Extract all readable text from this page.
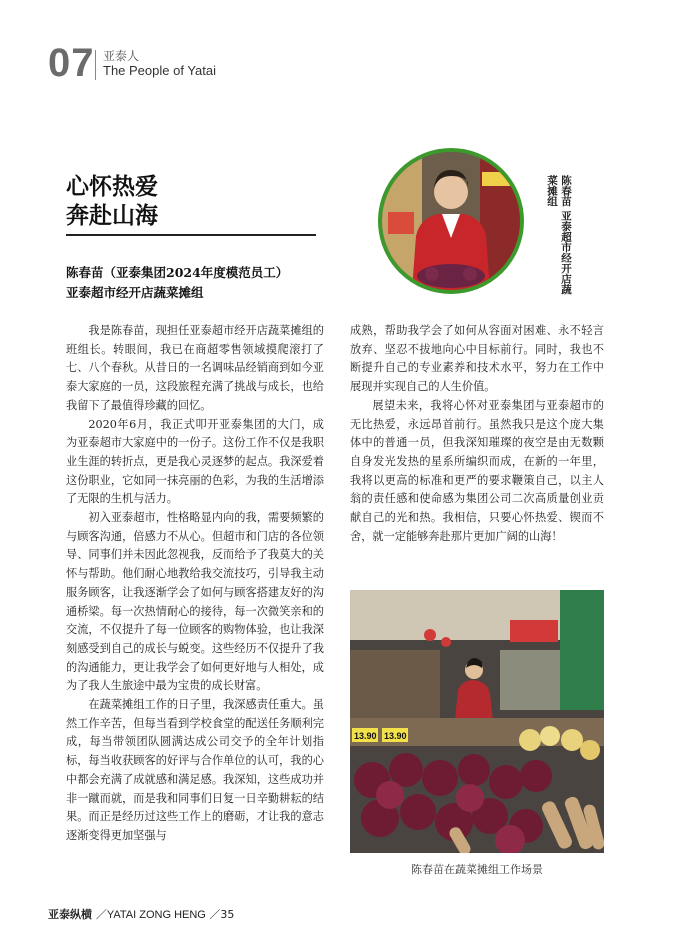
07 亚泰人
The People of Yatai
心怀热爱
奔赴山海
陈春苗（亚泰集团2024年度模范员工）
亚泰超市经开店蔬菜摊组	陈春苗 亚泰超市经开店蔬菜摊组

我是陈春苗，现担任亚泰超市经开店蔬菜摊组的班组长。转眼间，我已在商超零售领域摸爬滚打了七、八个春秋。从昔日的一名调味品经销商到如今亚泰大家庭的一员，这段旅程充满了挑战与成长，也给我留下了最值得珍藏的回忆。

2020年6月，我正式叩开亚泰集团的大门，成为亚泰超市大家庭中的一份子。这份工作不仅是我职业生涯的转折点，更是我心灵逐梦的起点。我深爱着这份职业，它如同一抹亮丽的色彩，为我的生活增添了无限的生机与活力。

初入亚泰超市，性格略显内向的我，需要频繁的与顾客沟通，倍感力不从心。但超市和门店的各位领导、同事们并未因此忽视我，反而给予了我莫大的关怀与帮助。他们耐心地教给我交流技巧，引导我主动服务顾客，让我逐渐学会了如何与顾客搭建友好的沟通桥梁。每一次热情耐心的接待，每一次微笑亲和的交流，不仅提升了每一位顾客的购物体验，也让我深刻感受到自己的成长与蜕变。这些经历不仅提升了我的沟通能力，更让我学会了如何更好地与人相处，成为了我人生旅途中最为宝贵的成长财富。

在蔬菜摊组工作的日子里，我深感责任重大。虽然工作辛苦，但每当看到学校食堂的配送任务顺利完成，每当带领团队圆满达成公司交予的全年计划指标，每当收获顾客的好评与合作单位的认可，我的心中都会充满了成就感和满足感。我深知，这些成功并非一蹴而就，而是我和同事们日复一日辛勤耕耘的结果。而正是经历过这些工作上的磨砺，才让我的意志逐渐变得更加坚强与

成熟，帮助我学会了如何从容面对困难、永不轻言放弃、坚忍不拔地向心中目标前行。同时，我也不断提升自己的专业素养和技术水平，努力在工作中展现并实现自己的人生价值。

展望未来，我将心怀对亚泰集团与亚泰超市的无比热爱，永远昂首前行。虽然我只是这个庞大集体中的普通一员，但我深知璀璨的夜空是由无数颗自身发光发热的星系所编织而成，在新的一年里，我将以更高的标准和更严的要求鞭策自己，以主人翁的责任感和使命感为集团公司二次高质量创业贡献自己的光和热。我相信，只要心怀热爱、锲而不舍，就一定能够奔赴那片更加广阔的山海！

13.90 13.90
陈春苗在蔬菜摊组工作场景
亚泰纵横 ／YATAI ZONG HENG ／35
